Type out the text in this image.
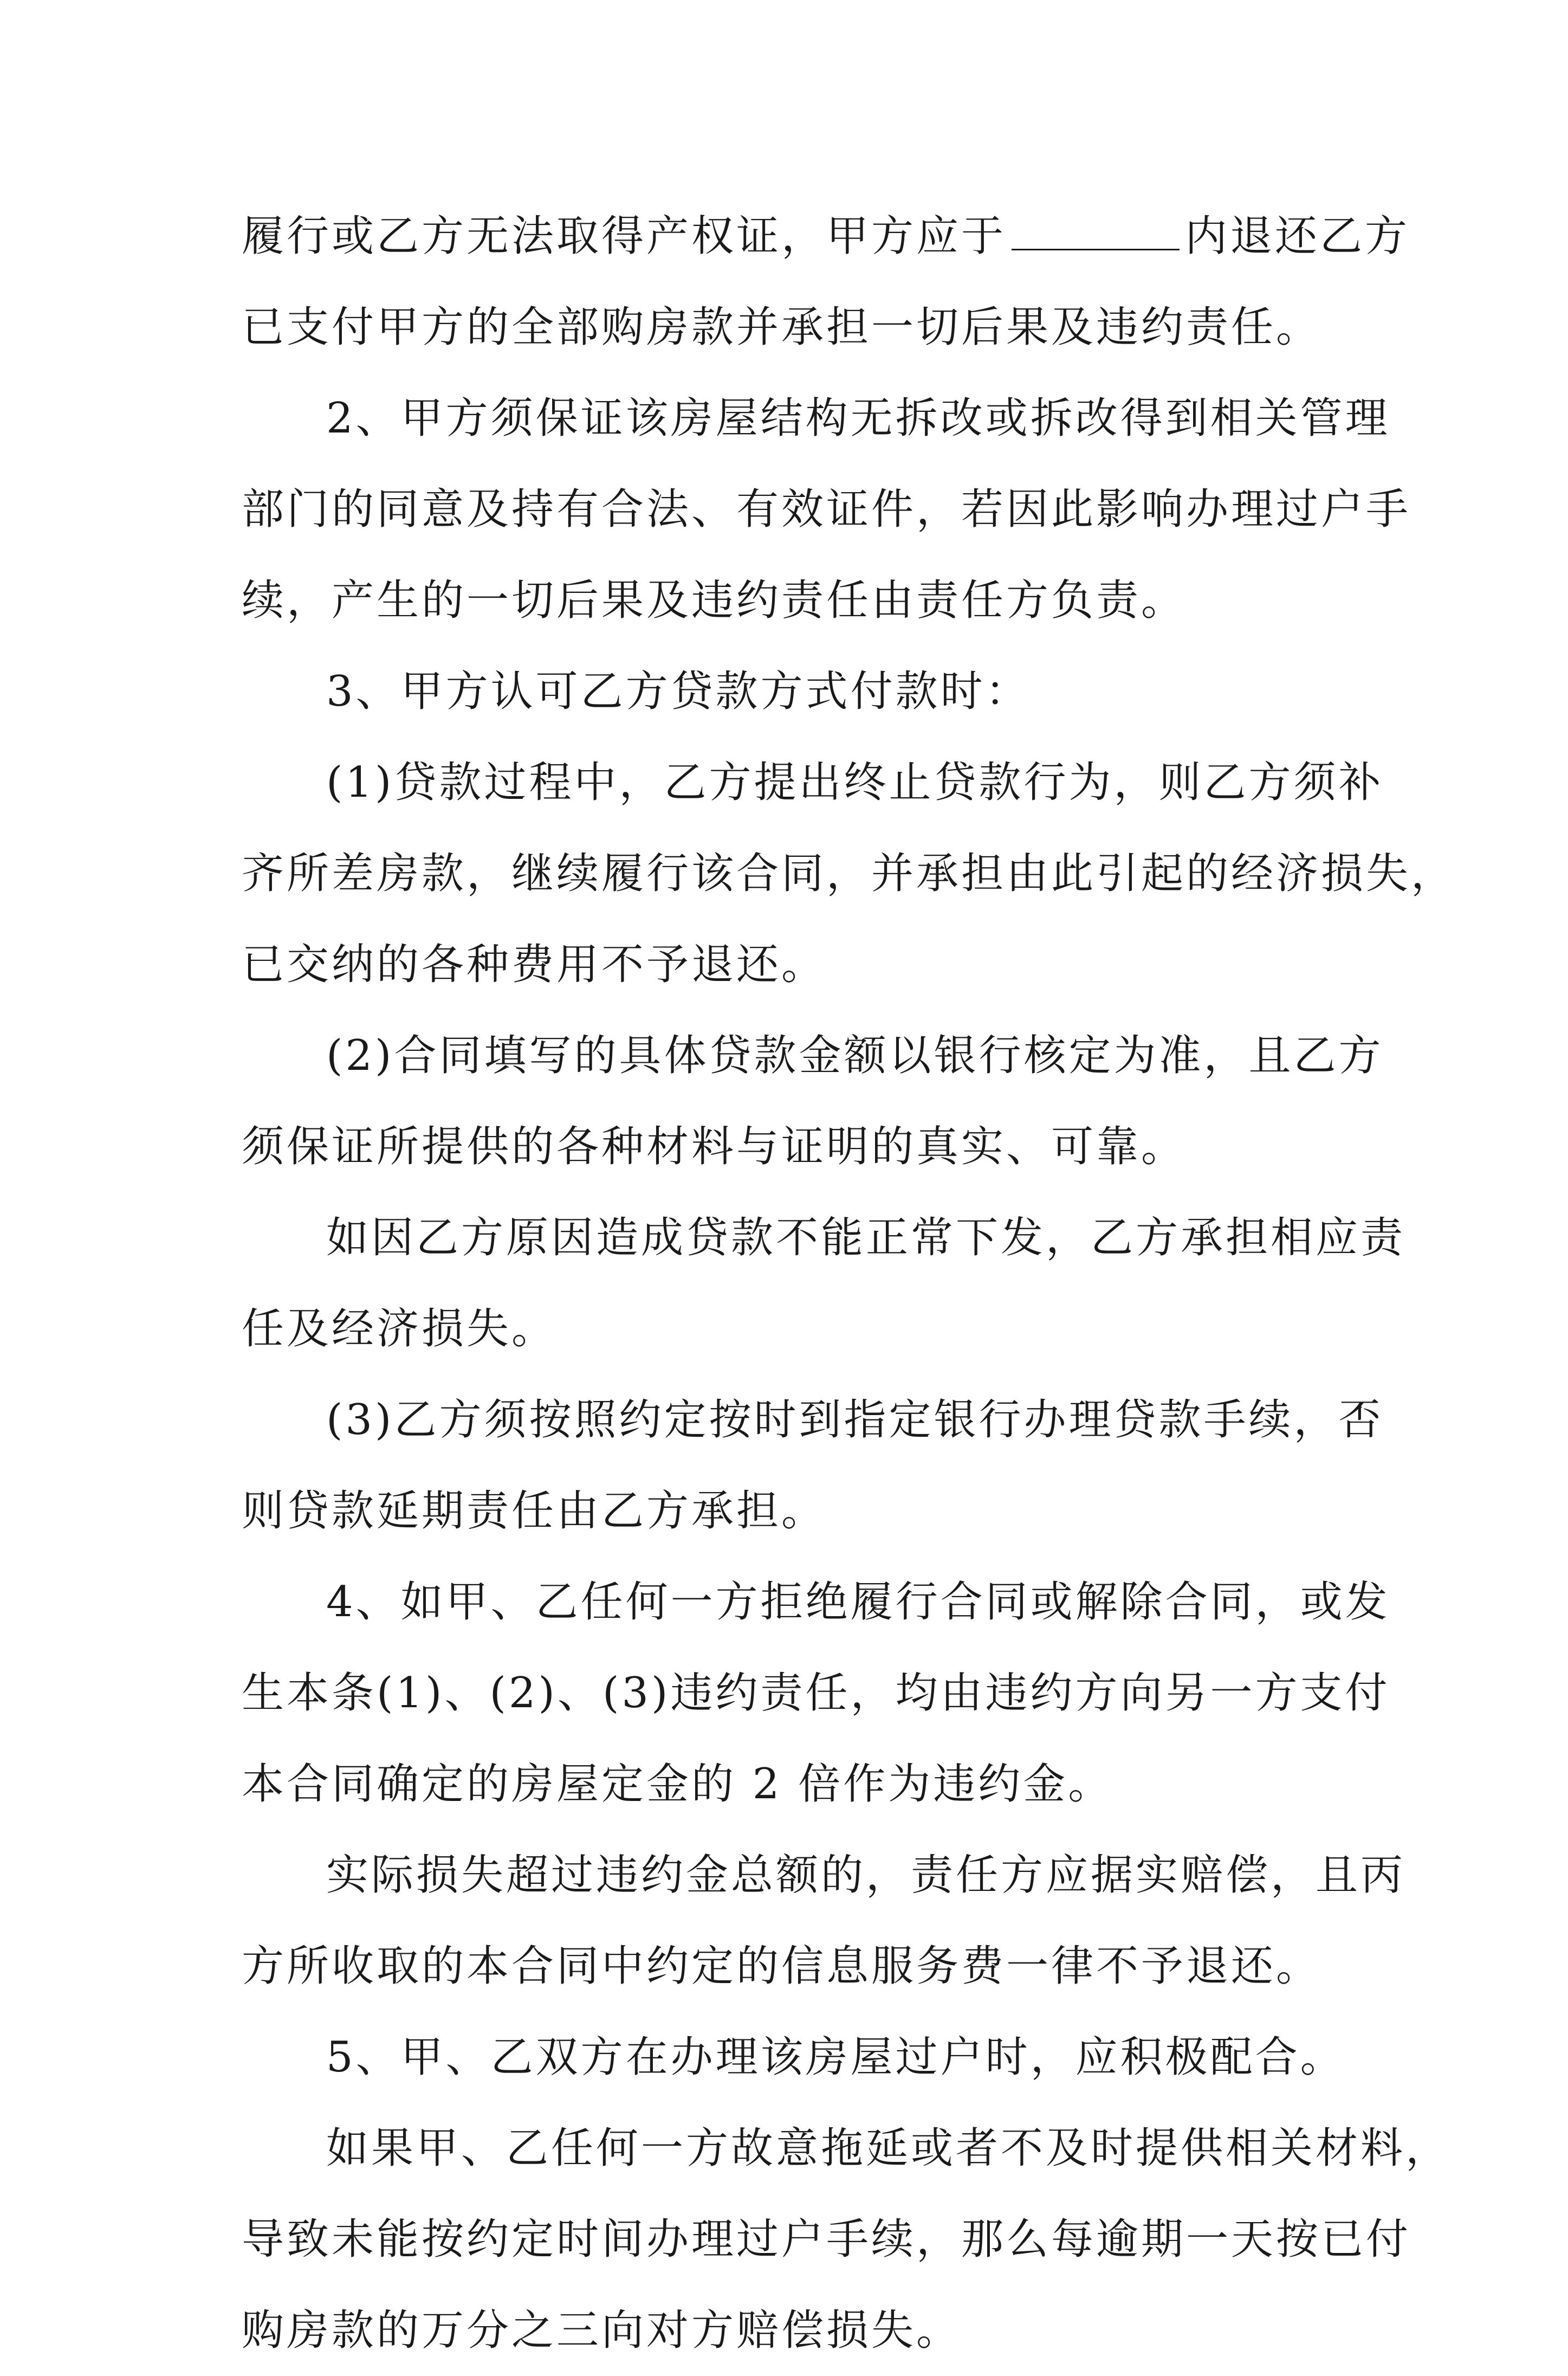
履行或乙方无法取得产权证，甲方应于	内退还乙方
已支付甲方的全部购房款并承担一切后果及违约责任。
2、甲方须保证该房屋结构无拆改或拆改得到相关管理
部门的同意及持有合法、有效证件，若因此影响办理过户手
续，产生的一切后果及违约责任由责任方负责。
3、甲方认可乙方贷款方式付款时：
(1)贷款过程中，乙方提出终止贷款行为，则乙方须补
齐所差房款，继续履行该合同，并承担由此引起的经济损失，
已交纳的各种费用不予退还。
(2)合同填写的具体贷款金额以银行核定为准，且乙方
须保证所提供的各种材料与证明的真实、可靠。
如因乙方原因造成贷款不能正常下发，乙方承担相应责
任及经济损失。
(3)乙方须按照约定按时到指定银行办理贷款手续，否
则贷款延期责任由乙方承担。
4、如甲、乙任何一方拒绝履行合同或解除合同，或发
生本条(1)、(2)、(3)违约责任，均由违约方向另一方支付
本合同确定的房屋定金的 2 倍作为违约金。
实际损失超过违约金总额的，责任方应据实赔偿，且丙
方所收取的本合同中约定的信息服务费一律不予退还。
5、甲、乙双方在办理该房屋过户时，应积极配合。
如果甲、乙任何一方故意拖延或者不及时提供相关材料，
导致未能按约定时间办理过户手续，那么每逾期一天按已付
购房款的万分之三向对方赔偿损失。
